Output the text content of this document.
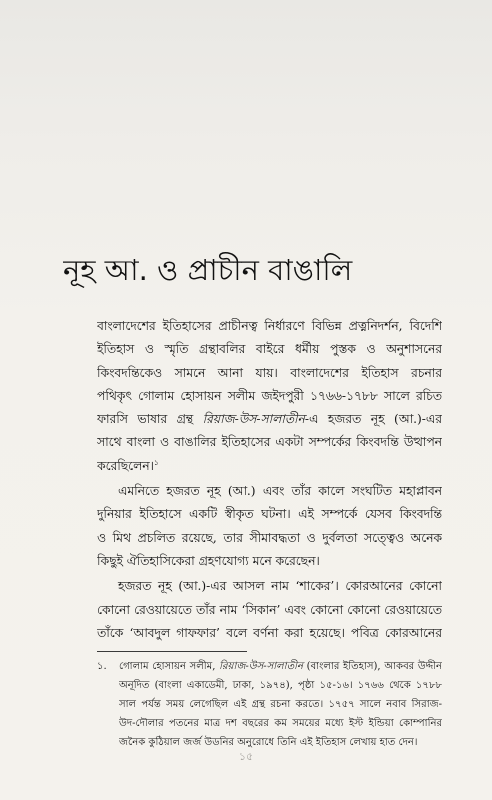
নূহ আ. ও প্রাচীন বাঙালি
বাংলাদেশের ইতিহাসের প্রাচীনত্ব নির্ধারণে বিভিন্ন প্রত্ননিদর্শন, বিদেশি
ইতিহাস ও স্মৃতি গ্রন্থাবলির বাইরে ধর্মীয় পুস্তক ও অনুশাসনের
কিংবদন্তিকেও সামনে আনা যায়। বাংলাদেশের ইতিহাস রচনার
পথিকৃৎ গোলাম হোসায়ন সলীম জইদপুরী ১৭৬৬-১৭৮৮ সালে রচিত
ফারসি ভাষার গ্রন্থ রিয়াজ-উস-সালাতীন-এ হজরত নূহ (আ.)-এর
সাথে বাংলা ও বাঙালির ইতিহাসের একটা সম্পর্কের কিংবদন্তি উত্থাপন
করেছিলেন।$^১$
এমনিতে হজরত নূহ (আ.) এবং তাঁর কালে সংঘটিত মহাপ্লাবন
দুনিয়ার ইতিহাসে একটি স্বীকৃত ঘটনা। এই সম্পর্কে যেসব কিংবদন্তি
ও মিথ প্রচলিত রয়েছে, তার সীমাবদ্ধতা ও দুর্বলতা সত্ত্বেও অনেক
কিছুই ঐতিহাসিকেরা গ্রহণযোগ্য মনে করেছেন।
হজরত নূহ (আ.)-এর আসল নাম ‘শাকের’। কোরআনের কোনো
কোনো রেওয়ায়েতে তাঁর নাম ‘সিকান’ এবং কোনো কোনো রেওয়ায়েতে
তাঁকে ‘আবদুল গাফফার’ বলে বর্ণনা করা হয়েছে। পবিত্র কোরআনের
১. গোলাম হোসায়ন সলীম, রিয়াজ-উস-সালাতীন (বাংলার ইতিহাস), আকবর উদ্দীন
অনূদিত (বাংলা একাডেমী, ঢাকা, ১৯৭৪), পৃষ্ঠা ১৫-১৬। ১৭৬৬ থেকে ১৭৮৮
সাল পর্যন্ত সময় লেগেছিল এই গ্রন্থ রচনা করতে। ১৭৫৭ সালে নবাব সিরাজ-
উদ-দৌলার পতনের মাত্র দশ বছরের কম সময়ের মধ্যে ইস্ট ইন্ডিয়া কোম্পানির
জনৈক কুঠিয়াল জর্জ উডনির অনুরোধে তিনি এই ইতিহাস লেখায় হাত দেন।
১৫
